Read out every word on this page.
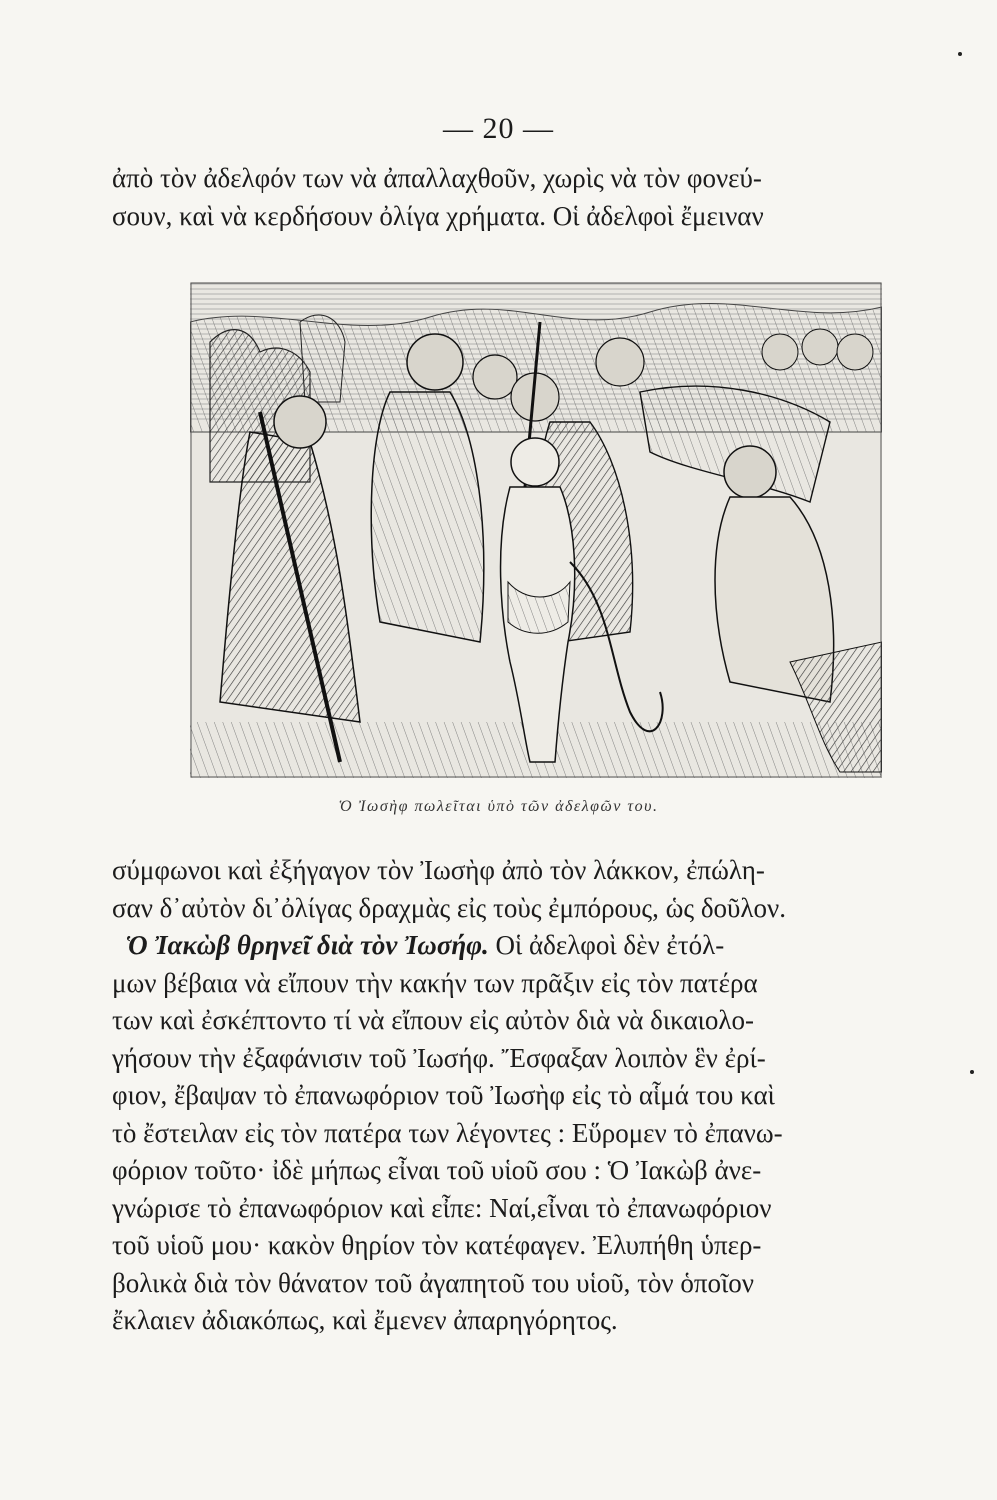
— 20 —
ἀπὸ τὸν ἀδελφόν των νὰ ἀπαλλαχθοῦν, χωρὶς νὰ τὸν φονεύ-
σουν, καὶ νὰ κερδήσουν ὀλίγα χρήματα. Οἱ ἀδελφοὶ ἔμειναν
Ὁ Ἰωσὴφ πωλεῖται ὑπὸ τῶν ἀδελφῶν του.
σύμφωνοι καὶ ἐξήγαγον τὸν Ἰωσὴφ ἀπὸ τὸν λάκκον, ἐπώλη-
σαν δ᾽αὐτὸν δι᾽ὀλίγας δραχμὰς εἰς τοὺς ἐμπόρους, ὡς δοῦλον.
Ὁ Ἰακὼβ θρηνεῖ διὰ τὸν Ἰωσήφ. Οἱ ἀδελφοὶ δὲν ἐτόλ-
μων βέβαια νὰ εἴπουν τὴν κακήν των πρᾶξιν εἰς τὸν πατέρα
των καὶ ἐσκέπτοντο τί νὰ εἴπουν εἰς αὐτὸν διὰ νὰ δικαιολο-
γήσουν τὴν ἐξαφάνισιν τοῦ Ἰωσήφ. Ἔσφαξαν λοιπὸν ἓν ἐρί-
φιον, ἔβαψαν τὸ ἐπανωφόριον τοῦ Ἰωσὴφ εἰς τὸ αἷμά του καὶ
τὸ ἔστειλαν εἰς τὸν πατέρα των λέγοντες : Εὕρομεν τὸ ἐπανω-
φόριον τοῦτο· ἰδὲ μήπως εἶναι τοῦ υἱοῦ σου : Ὁ Ἰακὼβ ἀνε-
γνώρισε τὸ ἐπανωφόριον καὶ εἶπε: Ναί,εἶναι τὸ ἐπανωφόριον
τοῦ υἱοῦ μου· κακὸν θηρίον τὸν κατέφαγεν. Ἐλυπήθη ὑπερ-
βολικὰ διὰ τὸν θάνατον τοῦ ἀγαπητοῦ του υἱοῦ, τὸν ὁποῖον
ἔκλαιεν ἀδιακόπως, καὶ ἔμενεν ἀπαρηγόρητος.
